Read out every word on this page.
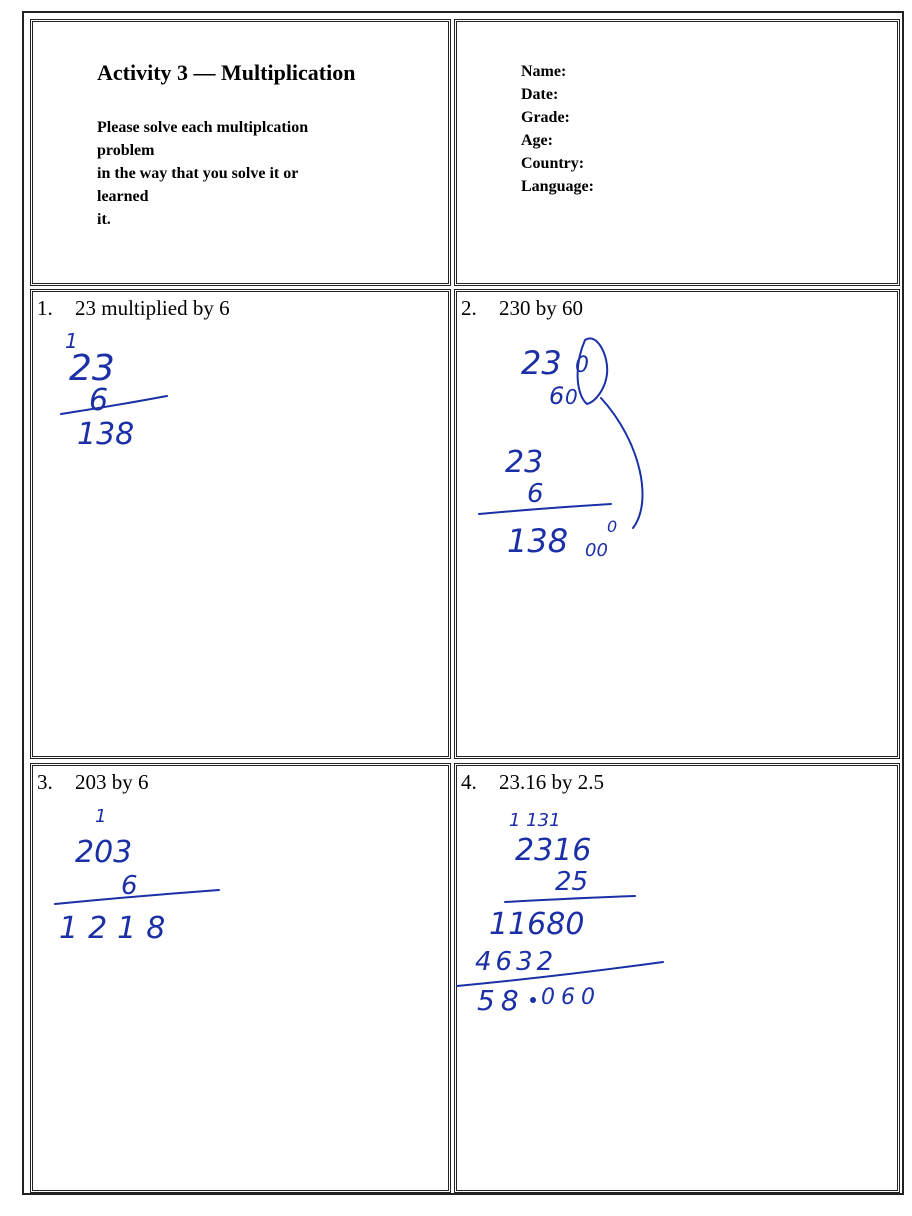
Activity 3 — Multiplication
Please solve each multiplcation
problem
in the way that you solve it or
learned
it.
Name:
Date:
Grade:
Age:
Country:
Language:
1. 23 multiplied by 6
1
23
6
138
2. 230 by 60
23 0
6 0
23
6
138 00
0
3. 203 by 6
1
203
6
1218
4. 23.16 by 2.5
1 131
2316
25
11680
4632
58 060
